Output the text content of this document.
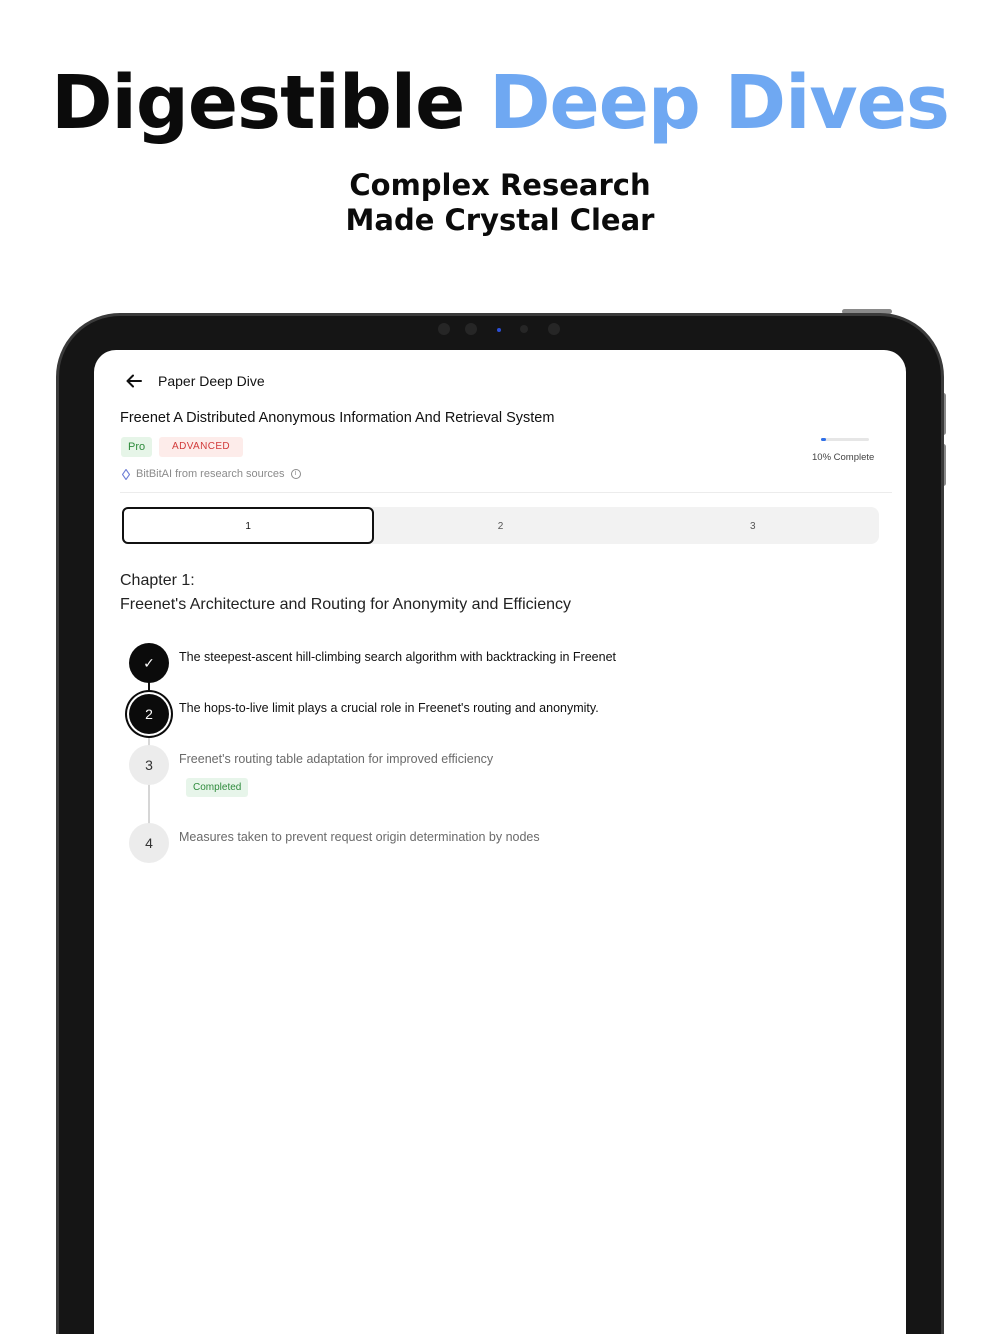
Digestible Deep Dives
Complex Research
Made Crystal Clear
Paper Deep Dive
Freenet A Distributed Anonymous Information And Retrieval System
Pro	ADVANCED
BitBitAI from research sources	i
10% Complete
1	2	3
Chapter 1:
Freenet's Architecture and Routing for Anonymity and Efficiency
✓	The steepest-ascent hill-climbing search algorithm with backtracking in Freenet
2	The hops-to-live limit plays a crucial role in Freenet's routing and anonymity.
3	Freenet's routing table adaptation for improved efficiency
Completed
4	Measures taken to prevent request origin determination by nodes
